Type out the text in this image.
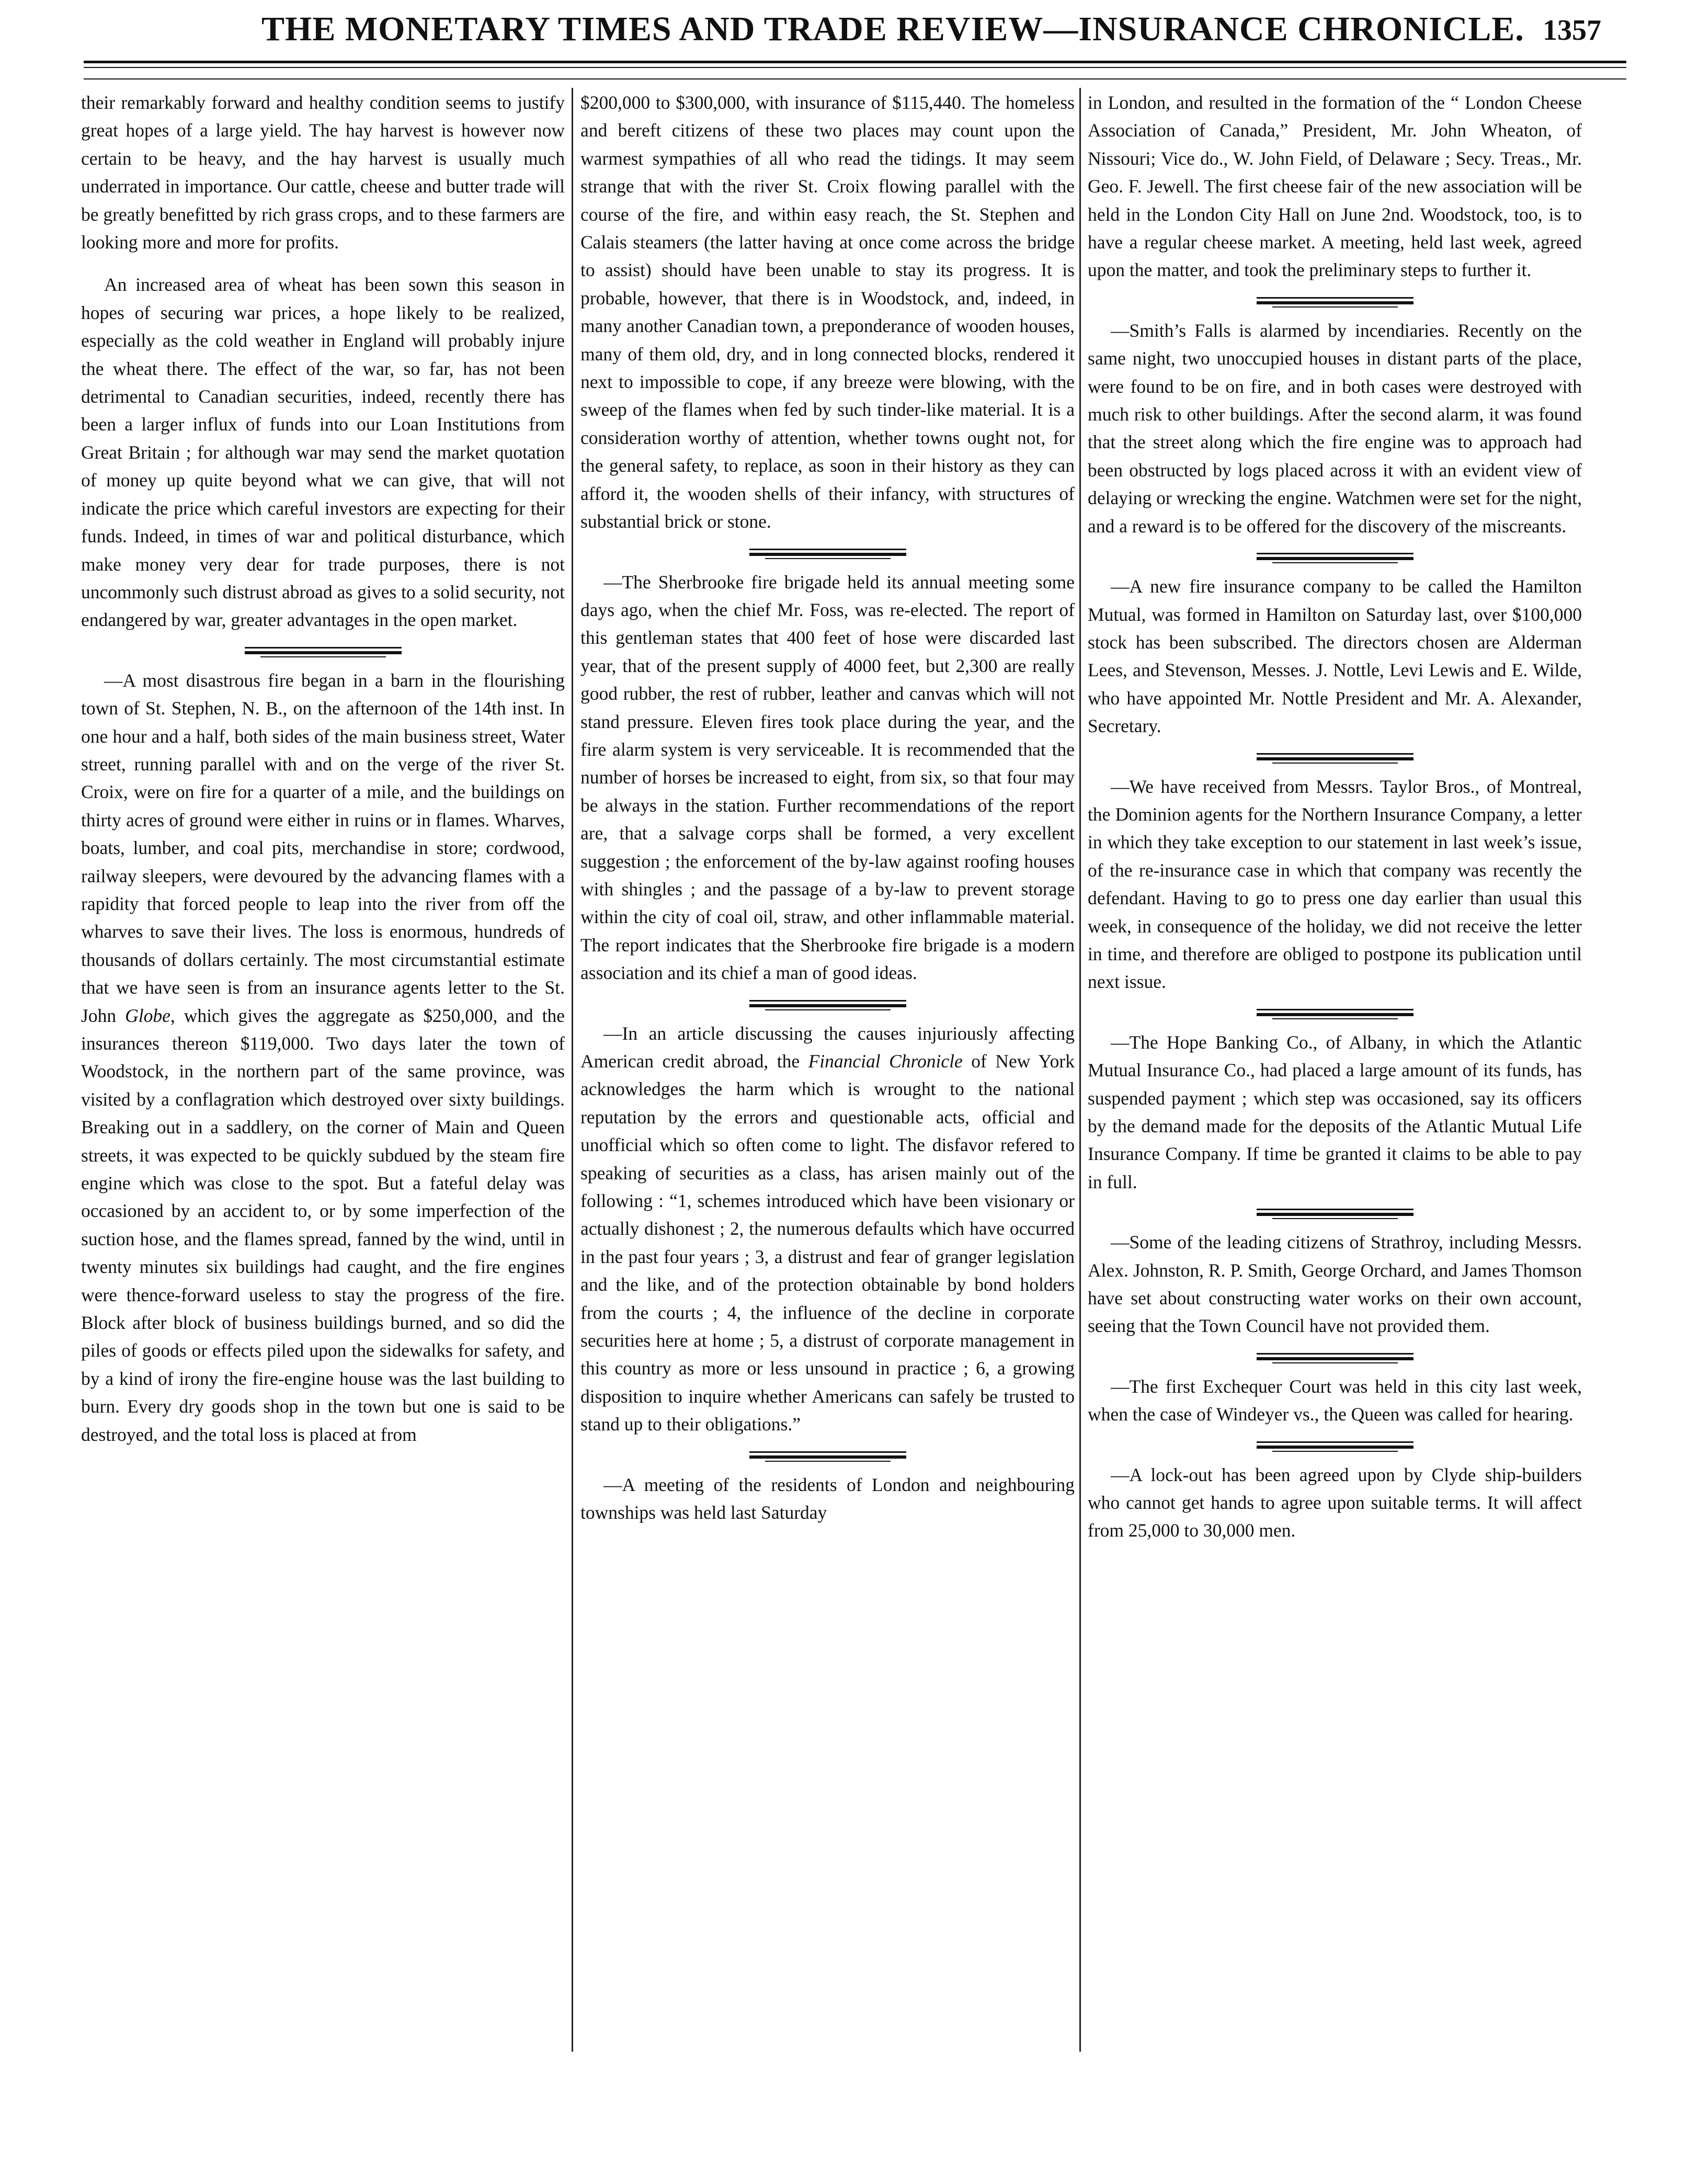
THE MONETARY TIMES AND TRADE REVIEW—INSURANCE CHRONICLE. 1357

their remarkably forward and healthy condition seems to justify great hopes of a large yield. The hay harvest is however now certain to be heavy, and the hay harvest is usually much underrated in importance. Our cattle, cheese and butter trade will be greatly benefitted by rich grass crops, and to these farmers are looking more and more for profits.

An increased area of wheat has been sown this season in hopes of securing war prices, a hope likely to be realized, especially as the cold weather in England will probably injure the wheat there. The effect of the war, so far, has not been detrimental to Canadian securities, indeed, recently there has been a larger influx of funds into our Loan Institutions from Great Britain ; for although war may send the market quotation of money up quite beyond what we can give, that will not indicate the price which careful investors are expecting for their funds. Indeed, in times of war and political disturbance, which make money very dear for trade purposes, there is not uncommonly such distrust abroad as gives to a solid security, not endangered by war, greater advantages in the open market.

—A most disastrous fire began in a barn in the flourishing town of St. Stephen, N. B., on the afternoon of the 14th inst. In one hour and a half, both sides of the main business street, Water street, running parallel with and on the verge of the river St. Croix, were on fire for a quarter of a mile, and the buildings on thirty acres of ground were either in ruins or in flames. Wharves, boats, lumber, and coal pits, merchandise in store; cordwood, railway sleepers, were devoured by the advancing flames with a rapidity that forced people to leap into the river from off the wharves to save their lives. The loss is enormous, hundreds of thousands of dollars certainly. The most circumstantial estimate that we have seen is from an insurance agents letter to the St. John Globe, which gives the aggregate as $250,000, and the insurances thereon $119,000. Two days later the town of Woodstock, in the northern part of the same province, was visited by a conflagration which destroyed over sixty buildings. Breaking out in a saddlery, on the corner of Main and Queen streets, it was expected to be quickly subdued by the steam fire engine which was close to the spot. But a fateful delay was occasioned by an accident to, or by some imperfection of the suction hose, and the flames spread, fanned by the wind, until in twenty minutes six buildings had caught, and the fire engines were thence-forward useless to stay the progress of the fire. Block after block of business buildings burned, and so did the piles of goods or effects piled upon the sidewalks for safety, and by a kind of irony the fire-engine house was the last building to burn. Every dry goods shop in the town but one is said to be destroyed, and the total loss is placed at from

$200,000 to $300,000, with insurance of $115,440. The homeless and bereft citizens of these two places may count upon the warmest sympathies of all who read the tidings. It may seem strange that with the river St. Croix flowing parallel with the course of the fire, and within easy reach, the St. Stephen and Calais steamers (the latter having at once come across the bridge to assist) should have been unable to stay its progress. It is probable, however, that there is in Woodstock, and, indeed, in many another Canadian town, a preponderance of wooden houses, many of them old, dry, and in long connected blocks, rendered it next to impossible to cope, if any breeze were blowing, with the sweep of the flames when fed by such tinder-like material. It is a consideration worthy of attention, whether towns ought not, for the general safety, to replace, as soon in their history as they can afford it, the wooden shells of their infancy, with structures of substantial brick or stone.

—The Sherbrooke fire brigade held its annual meeting some days ago, when the chief Mr. Foss, was re-elected. The report of this gentleman states that 400 feet of hose were discarded last year, that of the present supply of 4000 feet, but 2,300 are really good rubber, the rest of rubber, leather and canvas which will not stand pressure. Eleven fires took place during the year, and the fire alarm system is very serviceable. It is recommended that the number of horses be increased to eight, from six, so that four may be always in the station. Further recommendations of the report are, that a salvage corps shall be formed, a very excellent suggestion ; the enforcement of the by-law against roofing houses with shingles ; and the passage of a by-law to prevent storage within the city of coal oil, straw, and other inflammable material. The report indicates that the Sherbrooke fire brigade is a modern association and its chief a man of good ideas.

—In an article discussing the causes injuriously affecting American credit abroad, the Financial Chronicle of New York acknowledges the harm which is wrought to the national reputation by the errors and questionable acts, official and unofficial which so often come to light. The disfavor refered to speaking of securities as a class, has arisen mainly out of the following : “1, schemes introduced which have been visionary or actually dishonest ; 2, the numerous defaults which have occurred in the past four years ; 3, a distrust and fear of granger legislation and the like, and of the protection obtainable by bond holders from the courts ; 4, the influence of the decline in corporate securities here at home ; 5, a distrust of corporate management in this country as more or less unsound in practice ; 6, a growing disposition to inquire whether Americans can safely be trusted to stand up to their obligations.”

—A meeting of the residents of London and neighbouring townships was held last Saturday

in London, and resulted in the formation of the “ London Cheese Association of Canada,” President, Mr. John Wheaton, of Nissouri; Vice do., W. John Field, of Delaware ; Secy. Treas., Mr. Geo. F. Jewell. The first cheese fair of the new association will be held in the London City Hall on June 2nd. Woodstock, too, is to have a regular cheese market. A meeting, held last week, agreed upon the matter, and took the preliminary steps to further it.

—Smith’s Falls is alarmed by incendiaries. Recently on the same night, two unoccupied houses in distant parts of the place, were found to be on fire, and in both cases were destroyed with much risk to other buildings. After the second alarm, it was found that the street along which the fire engine was to approach had been obstructed by logs placed across it with an evident view of delaying or wrecking the engine. Watchmen were set for the night, and a reward is to be offered for the discovery of the miscreants.

—A new fire insurance company to be called the Hamilton Mutual, was formed in Hamilton on Saturday last, over $100,000 stock has been subscribed. The directors chosen are Alderman Lees, and Stevenson, Messes. J. Nottle, Levi Lewis and E. Wilde, who have appointed Mr. Nottle President and Mr. A. Alexander, Secretary.

—We have received from Messrs. Taylor Bros., of Montreal, the Dominion agents for the Northern Insurance Company, a letter in which they take exception to our statement in last week’s issue, of the re-insurance case in which that company was recently the defendant. Having to go to press one day earlier than usual this week, in consequence of the holiday, we did not receive the letter in time, and therefore are obliged to postpone its publication until next issue.

—The Hope Banking Co., of Albany, in which the Atlantic Mutual Insurance Co., had placed a large amount of its funds, has suspended payment ; which step was occasioned, say its officers by the demand made for the deposits of the Atlantic Mutual Life Insurance Company. If time be granted it claims to be able to pay in full.

—Some of the leading citizens of Strathroy, including Messrs. Alex. Johnston, R. P. Smith, George Orchard, and James Thomson have set about constructing water works on their own account, seeing that the Town Council have not provided them.

—The first Exchequer Court was held in this city last week, when the case of Windeyer vs., the Queen was called for hearing.

—A lock-out has been agreed upon by Clyde ship-builders who cannot get hands to agree upon suitable terms. It will affect from 25,000 to 30,000 men.
